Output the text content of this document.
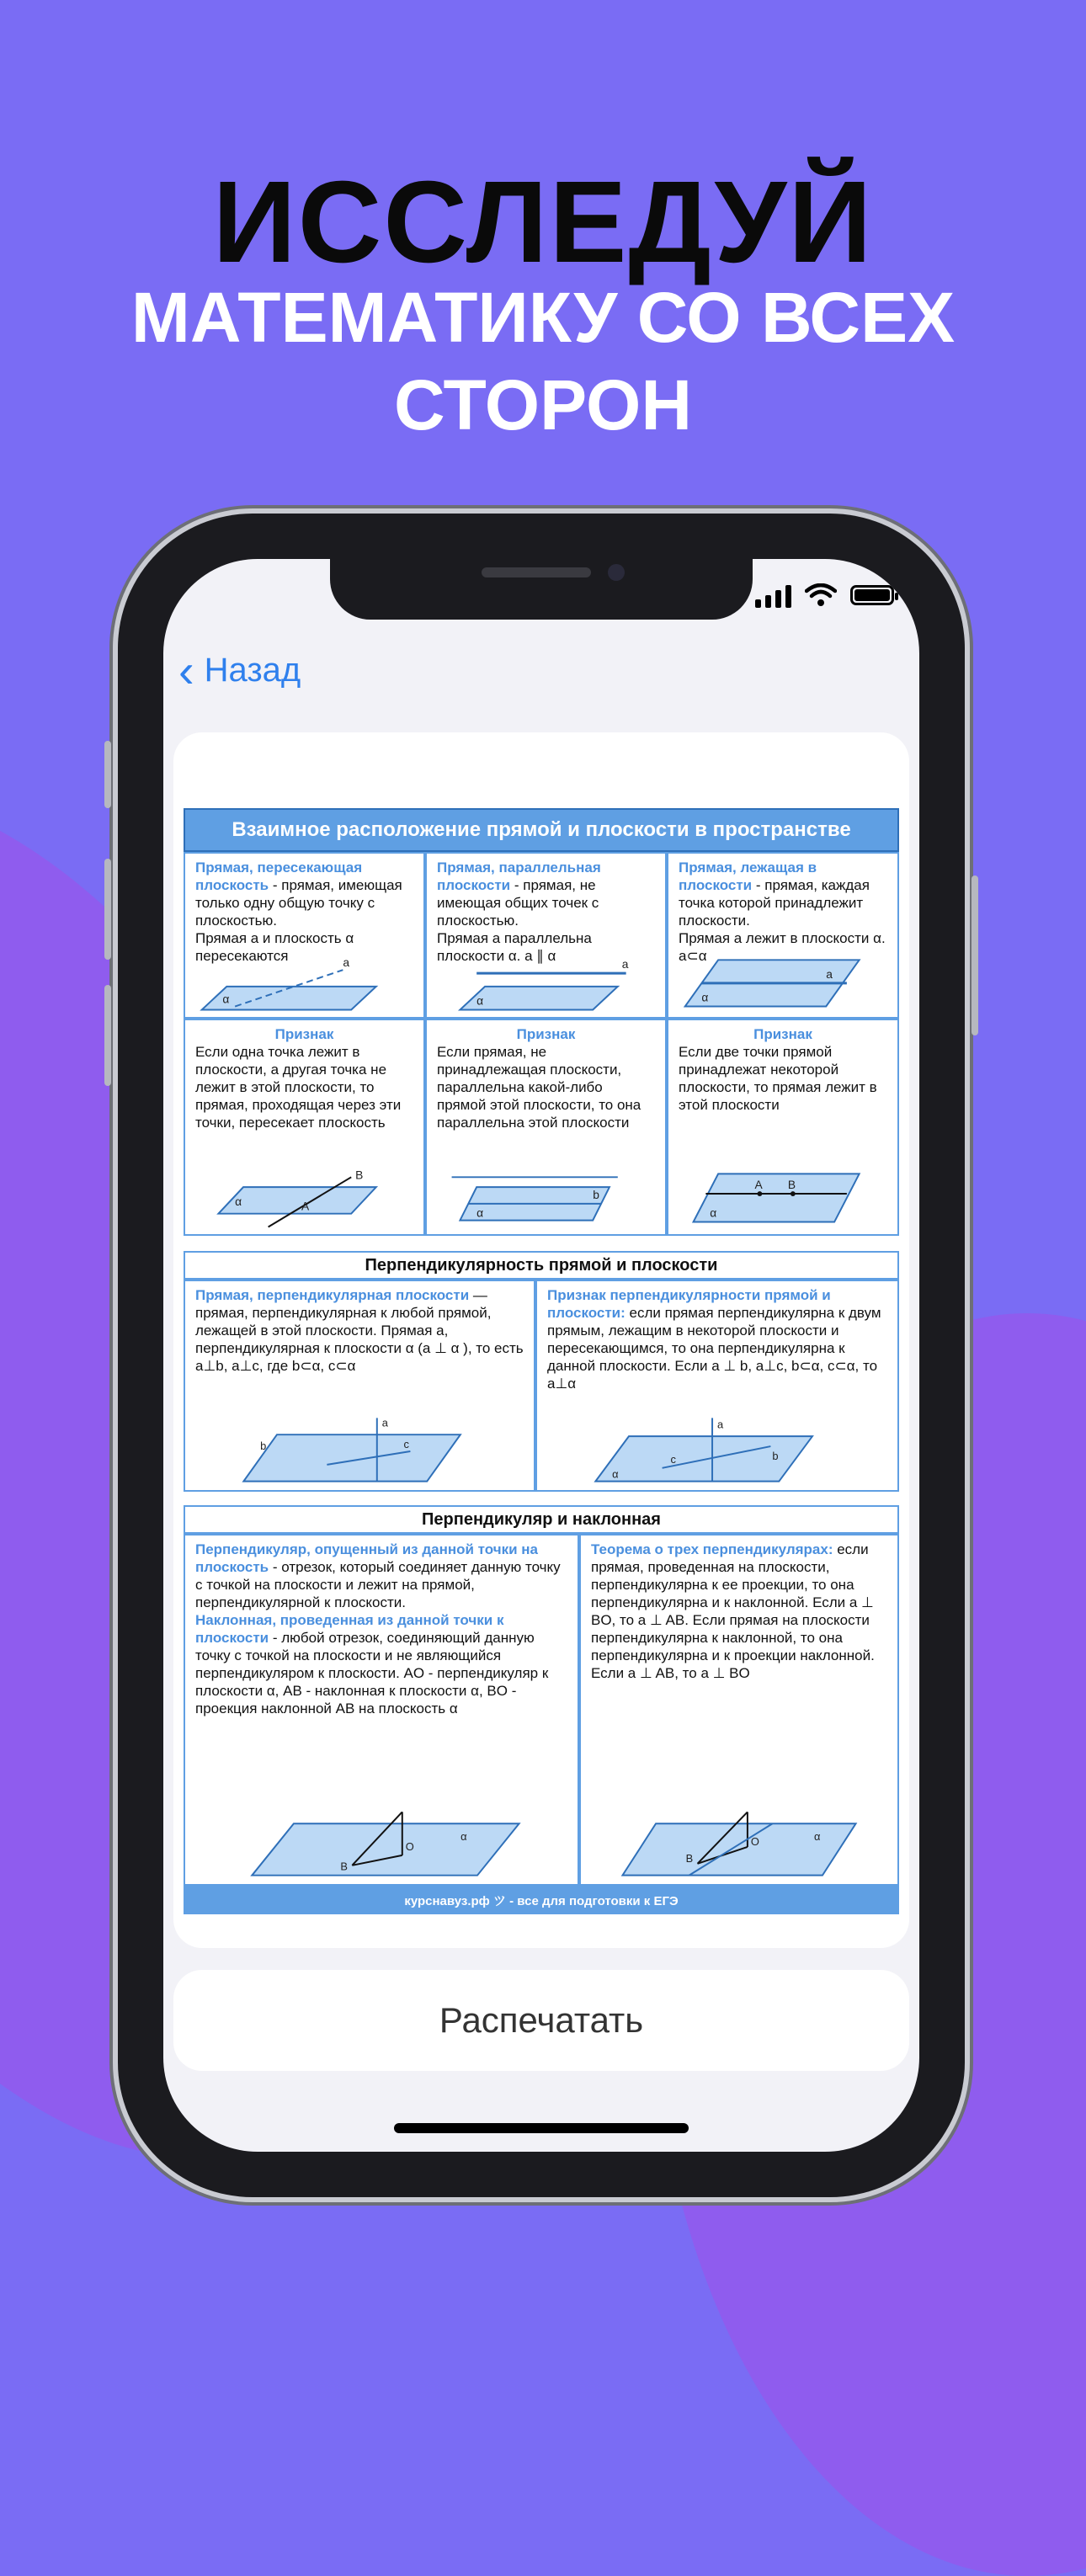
ИССЛЕДУЙ
МАТЕМАТИКУ СО ВСЕХ
СТОРОН
‹ Назад
Взаимное расположение прямой и плоскости в пространстве
Прямая, пересекающая плоскость - прямая, имеющая только одну общую точку с плоскостью.
Прямая a и плоскость α пересекаются	a
α
Прямая, параллельная плоскости - прямая, не имеющая общих точек с плоскостью.
Прямая a параллельна плоскости α. a ∥ α
a
α
Прямая, лежащая в плоскости - прямая, каждая точка которой принадлежит плоскости.
Прямая a лежит в плоскости α. a⊂α
a
α
Признак
Если одна точка лежит в плоскости, а другая точка не лежит в этой плоскости, то прямая, проходящая через эти точки, пересекает плоскость
B
A
α
Признак
Если прямая, не принадлежащая плоскости, параллельна какой-либо прямой этой плоскости, то она параллельна этой плоскости
b
α
Признак
Если две точки прямой принадлежат некоторой плоскости, то прямая лежит в этой плоскости
A B
α
Перпендикулярность прямой и плоскости
Прямая, перпендикулярная плоскости — прямая, перпендикулярная к любой прямой, лежащей в этой плоскости. Прямая a, перпендикулярная к плоскости α (a ⊥ α ), то есть a⊥b, a⊥c, где b⊂α, c⊂α
a
b	c
Признак перпендикулярности прямой и плоскости: если прямая перпендикулярна к двум прямым, лежащим в некоторой плоскости и пересекающимся, то она перпендикулярна к данной плоскости. Если a ⊥ b, a⊥c, b⊂α, c⊂α, то a⊥α
a
c	b
α
Перпендикуляр и наклонная
Перпендикуляр, опущенный из данной точки на плоскость - отрезок, который соединяет данную точку с точкой на плоскости и лежит на прямой, перпендикулярной к плоскости.
Наклонная, проведенная из данной точки к плоскости - любой отрезок, соединяющий данную точку с точкой на плоскости и не являющийся перпендикуляром к плоскости. AO - перпендикуляр к плоскости α, AB - наклонная к плоскости α, BO - проекция наклонной AB на плоскость α
O
B
α
Теорема о трех перпендикулярах: если прямая, проведенная на плоскости, перпендикулярна к ее проекции, то она перпендикулярна и к наклонной. Если a ⊥ BO, то a ⊥ AB. Если прямая на плоскости перпендикулярна к наклонной, то она перпендикулярна и к проекции наклонной. Если a ⊥ AB, то a ⊥ BO
O
B
α
курснавуз.рф ツ - все для подготовки к ЕГЭ
Распечатать
